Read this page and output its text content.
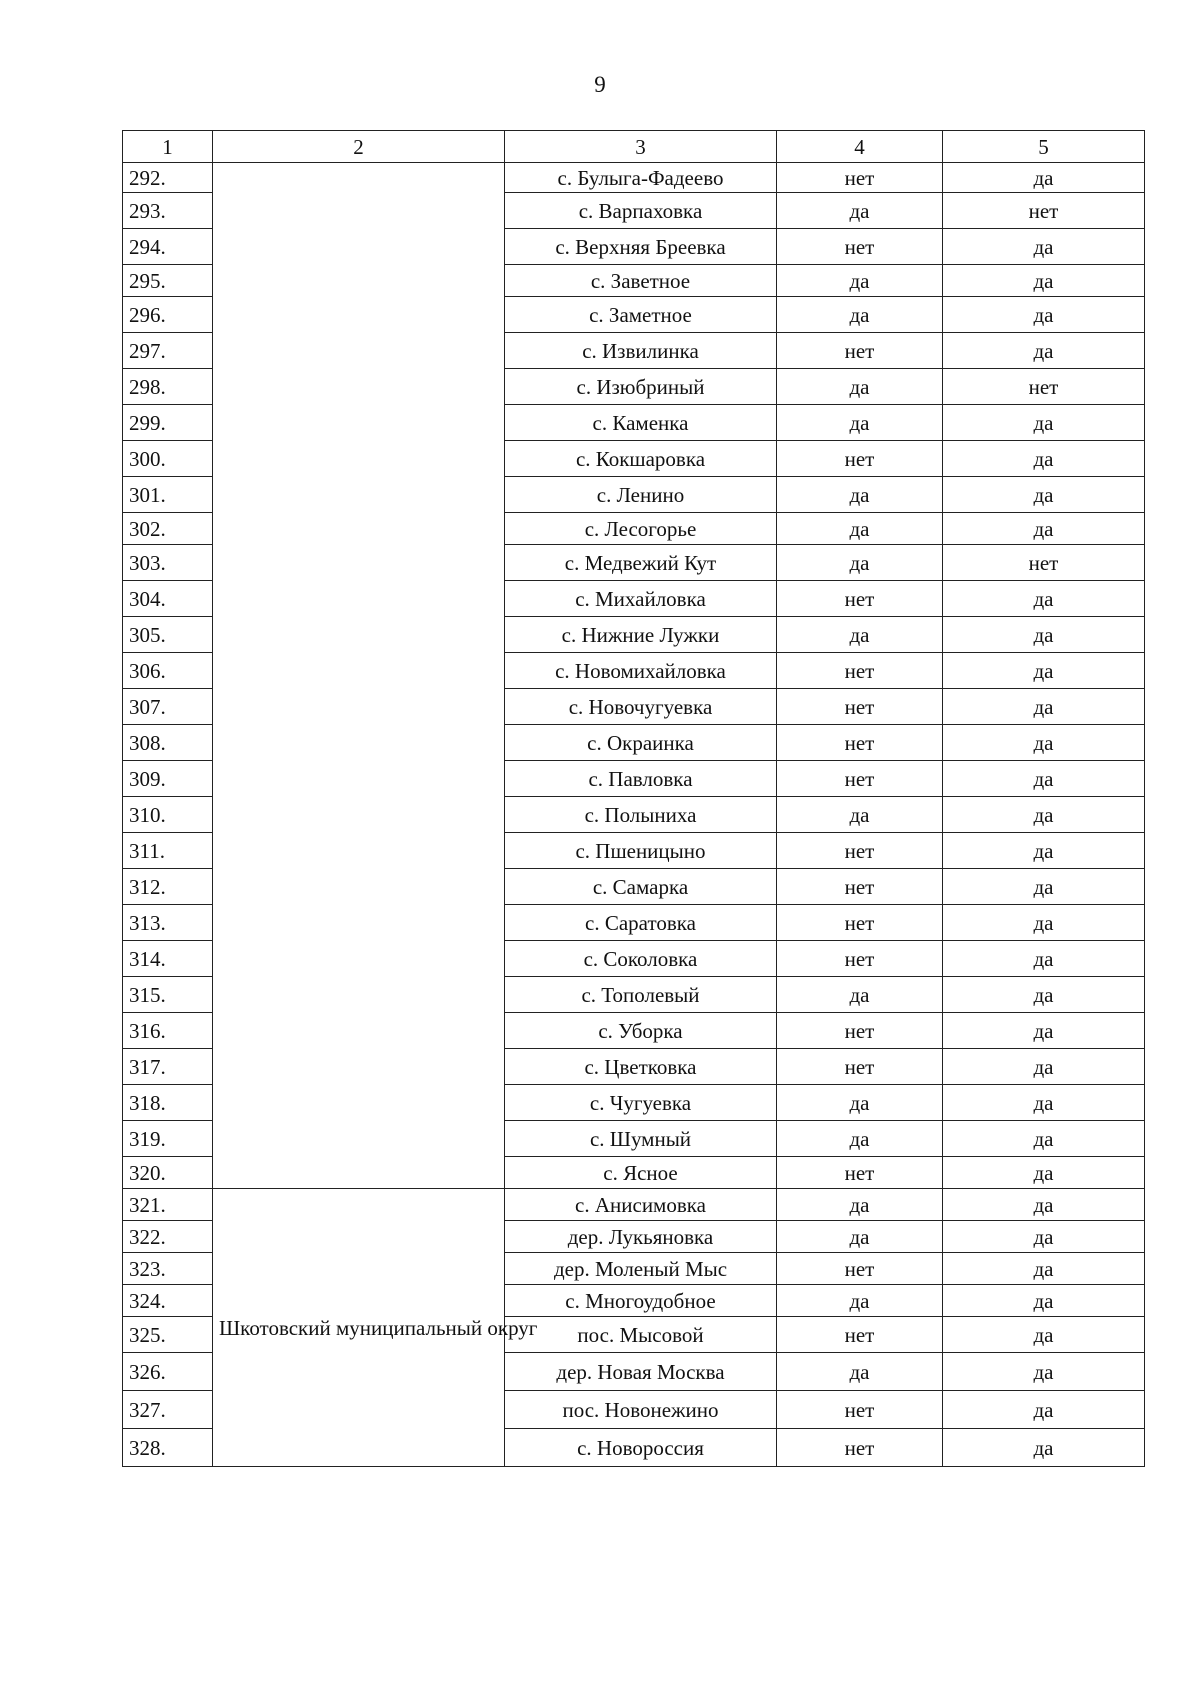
9
1	2	3	4	5
292.		с. Булыга-Фадеево	нет	да
293.		с. Варпаховка	да	нет
294.		с. Верхняя Бреевка	нет	да
295.		с. Заветное	да	да
296.		с. Заметное	да	да
297.		с. Извилинка	нет	да
298.		с. Изюбриный	да	нет
299.		с. Каменка	да	да
300.		с. Кокшаровка	нет	да
301.		с. Ленино	да	да
302.		с. Лесогорье	да	да
303.		с. Медвежий Кут	да	нет
304.		с. Михайловка	нет	да
305.		с. Нижние Лужки	да	да
306.		с. Новомихайловка	нет	да
307.		с. Новочугуевка	нет	да
308.		с. Окраинка	нет	да
309.		с. Павловка	нет	да
310.		с. Полыниха	да	да
311.		с. Пшеницыно	нет	да
312.		с. Самарка	нет	да
313.		с. Саратовка	нет	да
314.		с. Соколовка	нет	да
315.		с. Тополевый	да	да
316.		с. Уборка	нет	да
317.		с. Цветковка	нет	да
318.		с. Чугуевка	да	да
319.		с. Шумный	да	да
320.		с. Ясное	нет	да
321.	Шкотовский муниципальный округ	с. Анисимовка	да	да
322.		дер. Лукьяновка	да	да
323.		дер. Моленый Мыс	нет	да
324.		с. Многоудобное	да	да
325.		пос. Мысовой	нет	да
326.		дер. Новая Москва	да	да
327.		пос. Новонежино	нет	да
328.		с. Новороссия	нет	да
